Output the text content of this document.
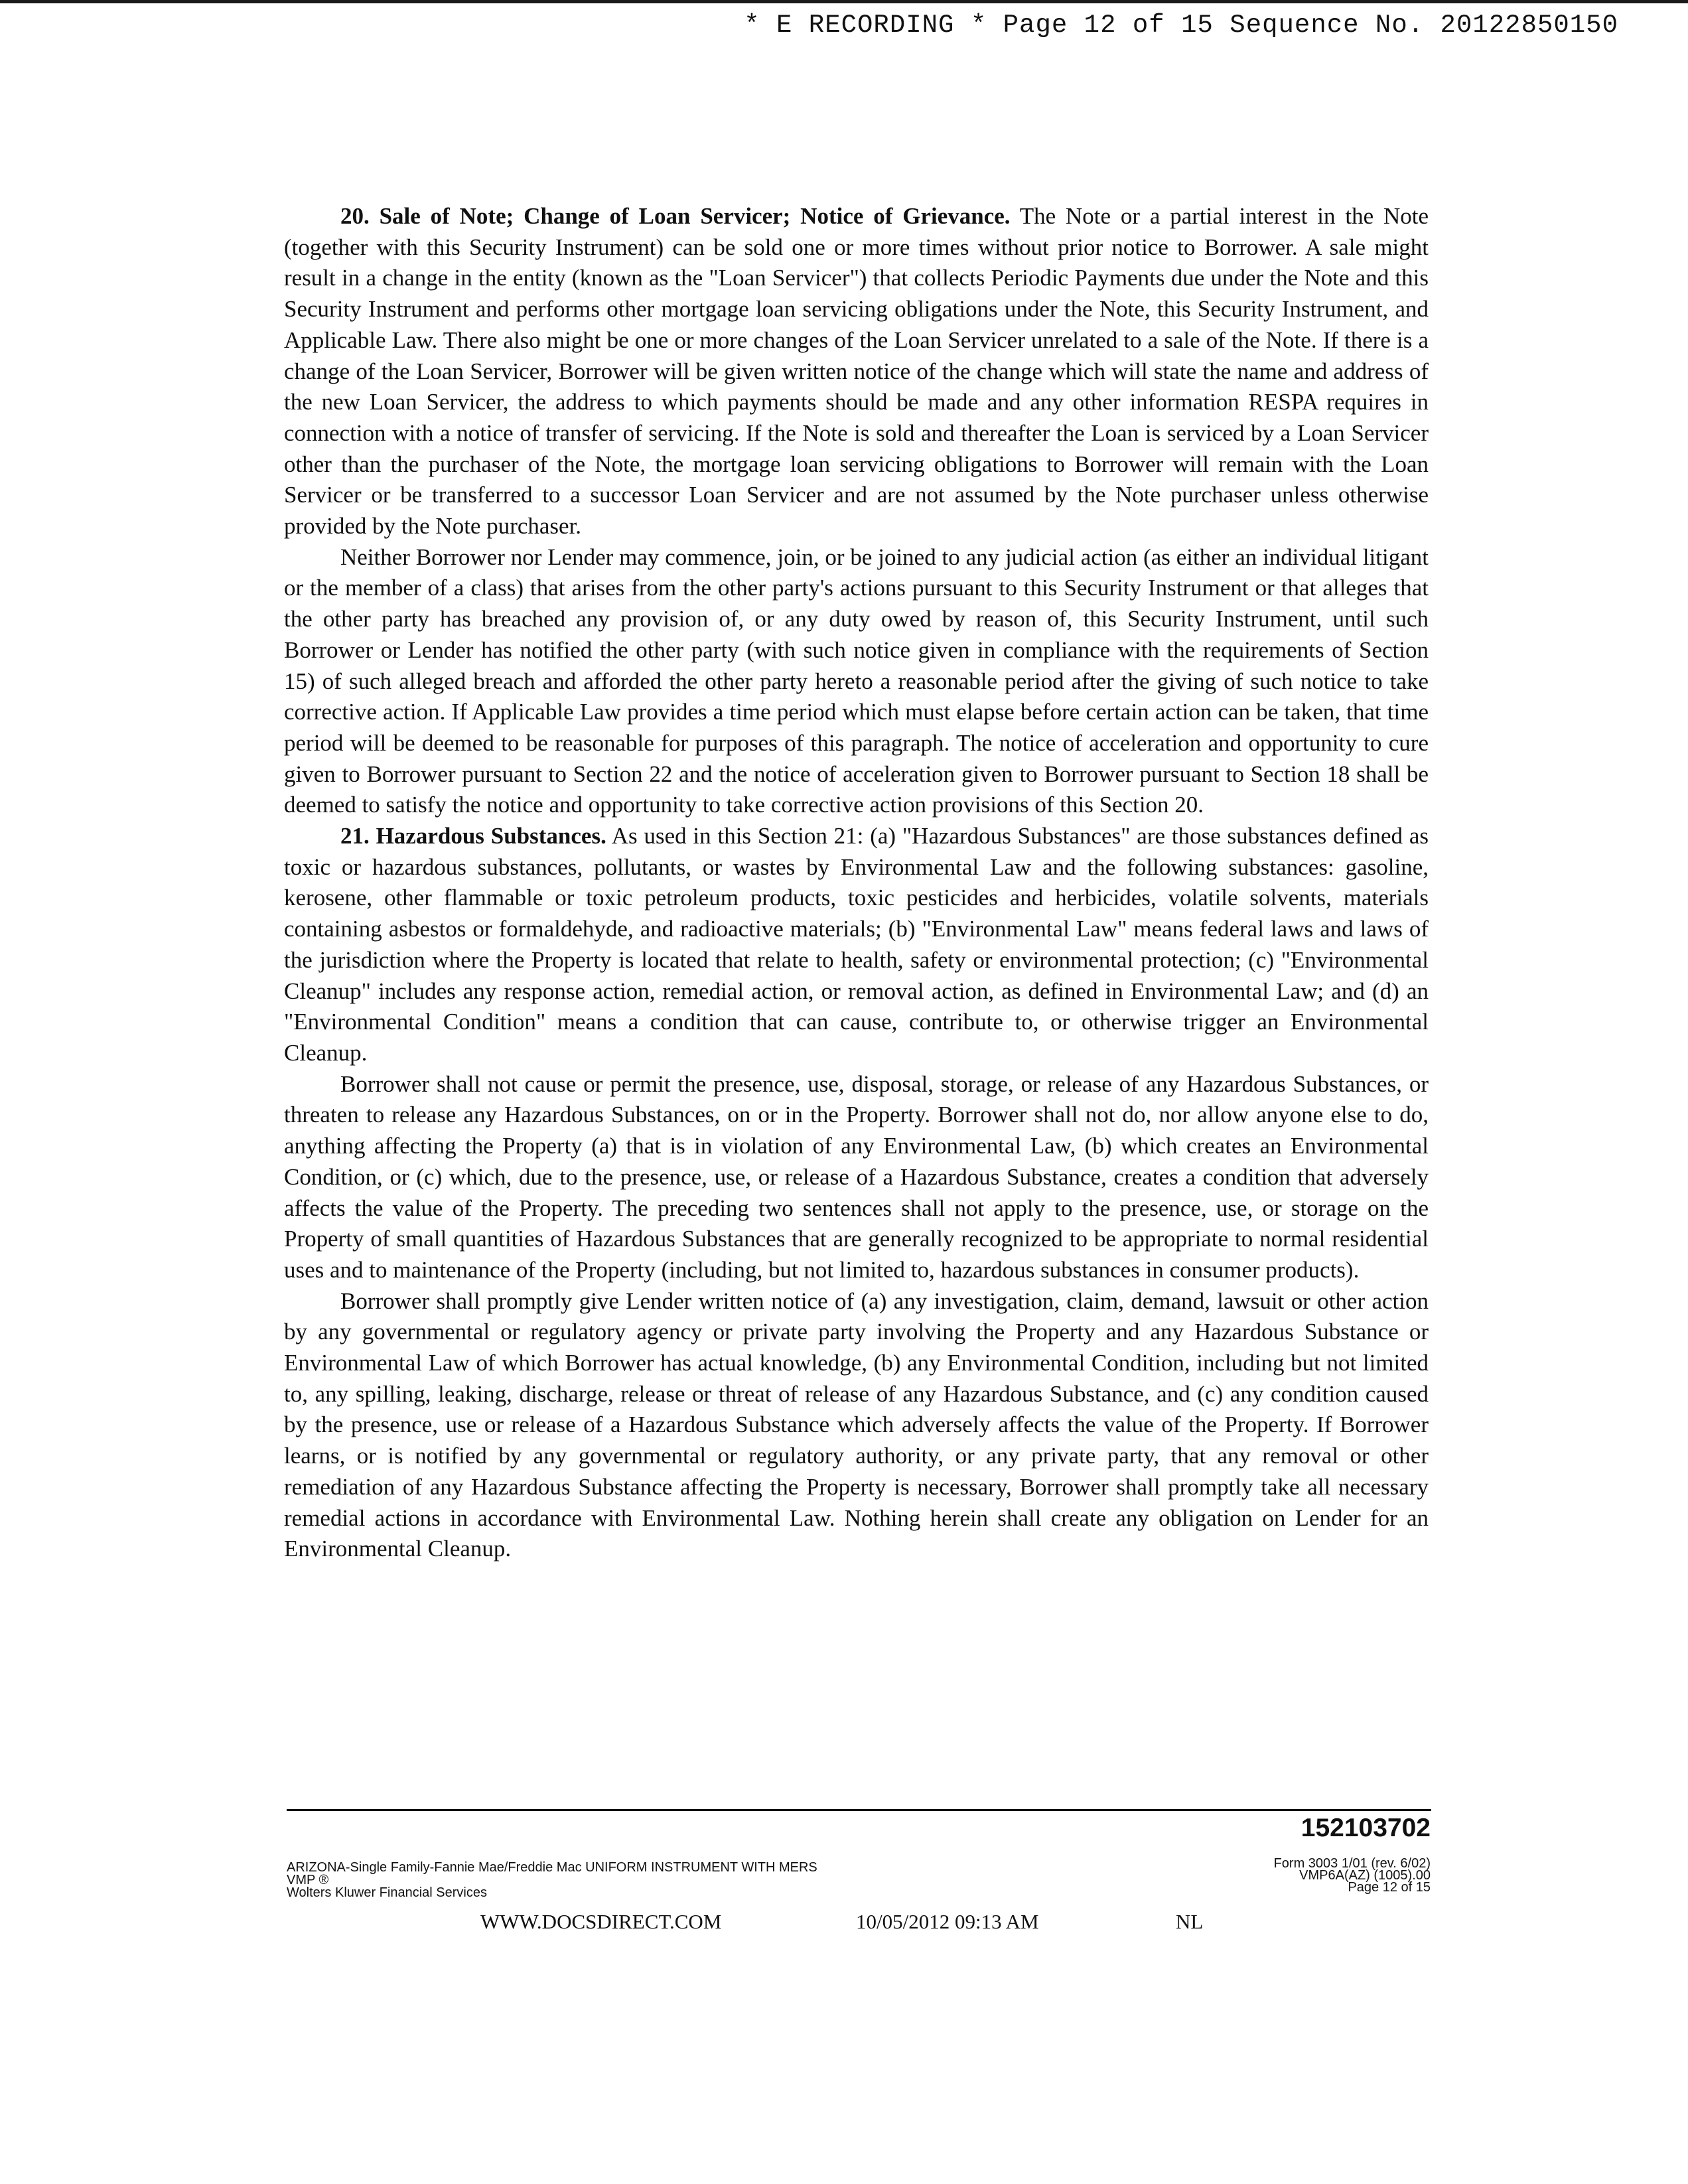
* E RECORDING * Page 12 of 15 Sequence No. 20122850150

20. Sale of Note; Change of Loan Servicer; Notice of Grievance. The Note or a partial interest in the Note (together with this Security Instrument) can be sold one or more times without prior notice to Borrower. A sale might result in a change in the entity (known as the "Loan Servicer") that collects Periodic Payments due under the Note and this Security Instrument and performs other mortgage loan servicing obligations under the Note, this Security Instrument, and Applicable Law. There also might be one or more changes of the Loan Servicer unrelated to a sale of the Note. If there is a change of the Loan Servicer, Borrower will be given written notice of the change which will state the name and address of the new Loan Servicer, the address to which payments should be made and any other information RESPA requires in connection with a notice of transfer of servicing. If the Note is sold and thereafter the Loan is serviced by a Loan Servicer other than the purchaser of the Note, the mortgage loan servicing obligations to Borrower will remain with the Loan Servicer or be transferred to a successor Loan Servicer and are not assumed by the Note purchaser unless otherwise provided by the Note purchaser.

Neither Borrower nor Lender may commence, join, or be joined to any judicial action (as either an individual litigant or the member of a class) that arises from the other party's actions pursuant to this Security Instrument or that alleges that the other party has breached any provision of, or any duty owed by reason of, this Security Instrument, until such Borrower or Lender has notified the other party (with such notice given in compliance with the requirements of Section 15) of such alleged breach and afforded the other party hereto a reasonable period after the giving of such notice to take corrective action. If Applicable Law provides a time period which must elapse before certain action can be taken, that time period will be deemed to be reasonable for purposes of this paragraph. The notice of acceleration and opportunity to cure given to Borrower pursuant to Section 22 and the notice of acceleration given to Borrower pursuant to Section 18 shall be deemed to satisfy the notice and opportunity to take corrective action provisions of this Section 20.

21. Hazardous Substances. As used in this Section 21: (a) "Hazardous Substances" are those substances defined as toxic or hazardous substances, pollutants, or wastes by Environmental Law and the following substances: gasoline, kerosene, other flammable or toxic petroleum products, toxic pesticides and herbicides, volatile solvents, materials containing asbestos or formaldehyde, and radioactive materials; (b) "Environmental Law" means federal laws and laws of the jurisdiction where the Property is located that relate to health, safety or environmental protection; (c) "Environmental Cleanup" includes any response action, remedial action, or removal action, as defined in Environmental Law; and (d) an "Environmental Condition" means a condition that can cause, contribute to, or otherwise trigger an Environmental Cleanup.

Borrower shall not cause or permit the presence, use, disposal, storage, or release of any Hazardous Substances, or threaten to release any Hazardous Substances, on or in the Property. Borrower shall not do, nor allow anyone else to do, anything affecting the Property (a) that is in violation of any Environmental Law, (b) which creates an Environmental Condition, or (c) which, due to the presence, use, or release of a Hazardous Substance, creates a condition that adversely affects the value of the Property. The preceding two sentences shall not apply to the presence, use, or storage on the Property of small quantities of Hazardous Substances that are generally recognized to be appropriate to normal residential uses and to maintenance of the Property (including, but not limited to, hazardous substances in consumer products).

Borrower shall promptly give Lender written notice of (a) any investigation, claim, demand, lawsuit or other action by any governmental or regulatory agency or private party involving the Property and any Hazardous Substance or Environmental Law of which Borrower has actual knowledge, (b) any Environmental Condition, including but not limited to, any spilling, leaking, discharge, release or threat of release of any Hazardous Substance, and (c) any condition caused by the presence, use or release of a Hazardous Substance which adversely affects the value of the Property. If Borrower learns, or is notified by any governmental or regulatory authority, or any private party, that any removal or other remediation of any Hazardous Substance affecting the Property is necessary, Borrower shall promptly take all necessary remedial actions in accordance with Environmental Law. Nothing herein shall create any obligation on Lender for an Environmental Cleanup.

152103702
ARIZONA-Single Family-Fannie Mae/Freddie Mac UNIFORM INSTRUMENT WITH MERS
VMP ®
Wolters Kluwer Financial Services
Form 3003 1/01 (rev. 6/02)
VMP6A(AZ) (1005).00
Page 12 of 15
WWW.DOCSDIRECT.COM	10/05/2012 09:13 AM	NL
